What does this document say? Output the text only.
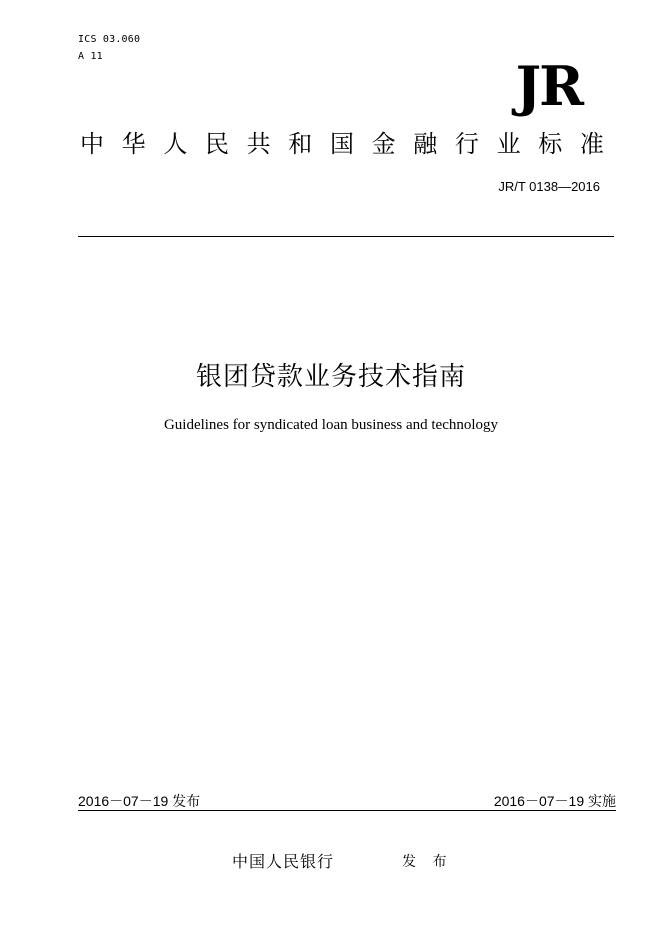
ICS 03.060
A 11	JR
中 华 人 民 共 和 国 金 融 行 业 标 准
JR/T 0138—2016
银团贷款业务技术指南
Guidelines for syndicated loan business and technology
2016－07－19 发布	2016－07－19 实施
中国人民银行	发 布
